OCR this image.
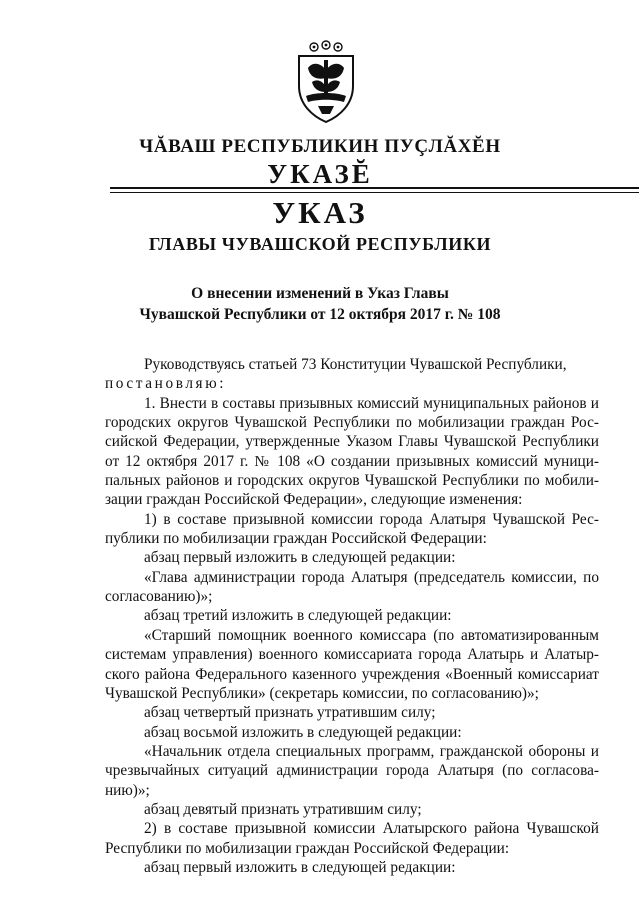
ЧĂВАШ РЕСПУБЛИКИН ПУÇЛĂХĔН
УКАЗĔ
УКАЗ
ГЛАВЫ ЧУВАШСКОЙ РЕСПУБЛИКИ
О внесении изменений в Указ Главы
Чувашской Республики от 12 октября 2017 г. № 108

Руководствуясь статьей 73 Конституции Чувашской Республики,

постановляю:

1. Внести в составы призывных комиссий муниципальных районов и городских округов Чувашской Республики по мобилизации граждан Российской Федерации, утвержденные Указом Главы Чувашской Республики от 12 октября 2017 г. № 108 «О создании призывных комиссий муниципальных районов и городских округов Чувашской Республики по мобилизации граждан Российской Федерации», следующие изменения:

1) в составе призывной комиссии города Алатыря Чувашской Республики по мобилизации граждан Российской Федерации:

абзац первый изложить в следующей редакции:

«Глава администрации города Алатыря (председатель комиссии, по согласованию)»;

абзац третий изложить в следующей редакции:

«Старший помощник военного комиссара (по автоматизированным системам управления) военного комиссариата города Алатырь и Алатырского района Федерального казенного учреждения «Военный комиссариат Чувашской Республики» (секретарь комиссии, по согласованию)»;

абзац четвертый признать утратившим силу;

абзац восьмой изложить в следующей редакции:

«Начальник отдела специальных программ, гражданской обороны и чрезвычайных ситуаций администрации города Алатыря (по согласованию)»;

абзац девятый признать утратившим силу;

2) в составе призывной комиссии Алатырского района Чувашской Республики по мобилизации граждан Российской Федерации:

абзац первый изложить в следующей редакции:
